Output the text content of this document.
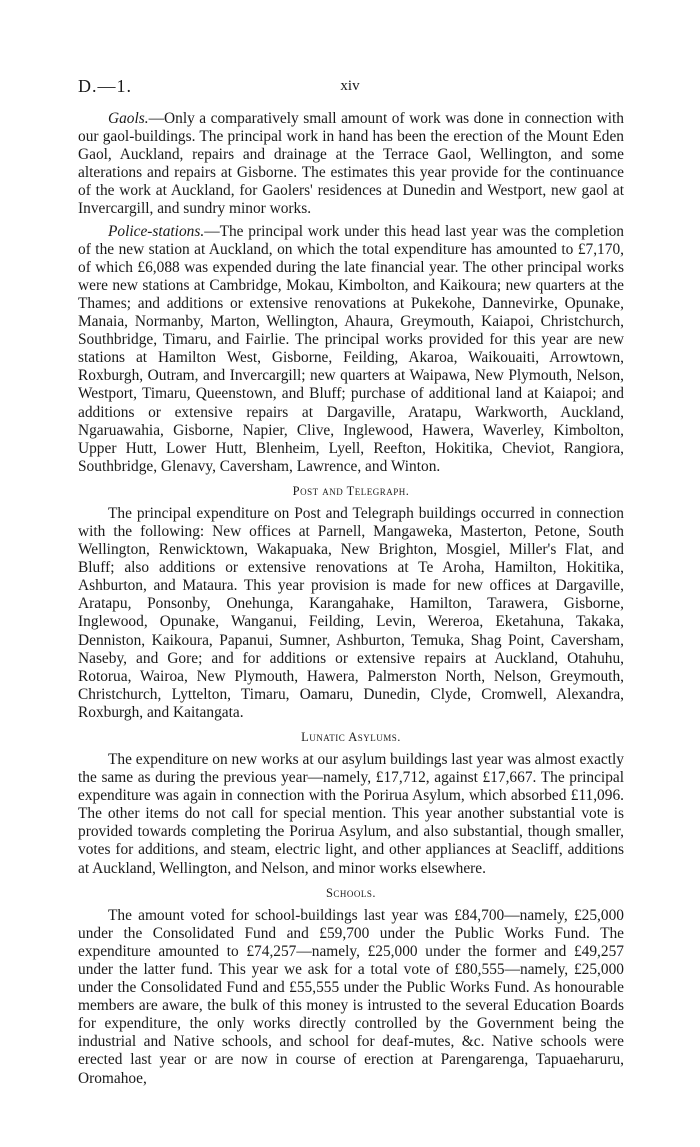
D.—1.	xiv

Gaols.—Only a comparatively small amount of work was done in connection with our gaol-buildings. The principal work in hand has been the erection of the Mount Eden Gaol, Auckland, repairs and drainage at the Terrace Gaol, Wellington, and some alterations and repairs at Gisborne. The estimates this year provide for the continuance of the work at Auckland, for Gaolers' residences at Dunedin and Westport, new gaol at Invercargill, and sundry minor works.

Police-stations.—The principal work under this head last year was the completion of the new station at Auckland, on which the total expenditure has amounted to £7,170, of which £6,088 was expended during the late financial year. The other principal works were new stations at Cambridge, Mokau, Kimbolton, and Kaikoura; new quarters at the Thames; and additions or extensive renovations at Pukekohe, Dannevirke, Opunake, Manaia, Normanby, Marton, Wellington, Ahaura, Greymouth, Kaiapoi, Christchurch, Southbridge, Timaru, and Fairlie. The principal works provided for this year are new stations at Hamilton West, Gisborne, Feilding, Akaroa, Waikouaiti, Arrowtown, Roxburgh, Outram, and Invercargill; new quarters at Waipawa, New Plymouth, Nelson, Westport, Timaru, Queenstown, and Bluff; purchase of additional land at Kaiapoi; and additions or extensive repairs at Dargaville, Aratapu, Warkworth, Auckland, Ngaruawahia, Gisborne, Napier, Clive, Inglewood, Hawera, Waverley, Kimbolton, Upper Hutt, Lower Hutt, Blenheim, Lyell, Reefton, Hokitika, Cheviot, Rangiora, Southbridge, Glenavy, Caversham, Lawrence, and Winton.

Post and Telegraph.

The principal expenditure on Post and Telegraph buildings occurred in connection with the following: New offices at Parnell, Mangaweka, Masterton, Petone, South Wellington, Renwicktown, Wakapuaka, New Brighton, Mosgiel, Miller's Flat, and Bluff; also additions or extensive renovations at Te Aroha, Hamilton, Hokitika, Ashburton, and Mataura. This year provision is made for new offices at Dargaville, Aratapu, Ponsonby, Onehunga, Karangahake, Hamilton, Tarawera, Gisborne, Inglewood, Opunake, Wanganui, Feilding, Levin, Wereroa, Eketahuna, Takaka, Denniston, Kaikoura, Papanui, Sumner, Ashburton, Temuka, Shag Point, Caversham, Naseby, and Gore; and for additions or extensive repairs at Auckland, Otahuhu, Rotorua, Wairoa, New Plymouth, Hawera, Palmerston North, Nelson, Greymouth, Christchurch, Lyttelton, Timaru, Oamaru, Dunedin, Clyde, Cromwell, Alexandra, Roxburgh, and Kaitangata.

Lunatic Asylums.

The expenditure on new works at our asylum buildings last year was almost exactly the same as during the previous year—namely, £17,712, against £17,667. The principal expenditure was again in connection with the Porirua Asylum, which absorbed £11,096. The other items do not call for special mention. This year another substantial vote is provided towards completing the Porirua Asylum, and also substantial, though smaller, votes for additions, and steam, electric light, and other appliances at Seacliff, additions at Auckland, Wellington, and Nelson, and minor works elsewhere.

Schools.

The amount voted for school-buildings last year was £84,700—namely, £25,000 under the Consolidated Fund and £59,700 under the Public Works Fund. The expenditure amounted to £74,257—namely, £25,000 under the former and £49,257 under the latter fund. This year we ask for a total vote of £80,555—namely, £25,000 under the Consolidated Fund and £55,555 under the Public Works Fund. As honourable members are aware, the bulk of this money is intrusted to the several Education Boards for expenditure, the only works directly controlled by the Government being the industrial and Native schools, and school for deaf-mutes, &c. Native schools were erected last year or are now in course of erection at Parengarenga, Tapuaeharuru, Oromahoe,
